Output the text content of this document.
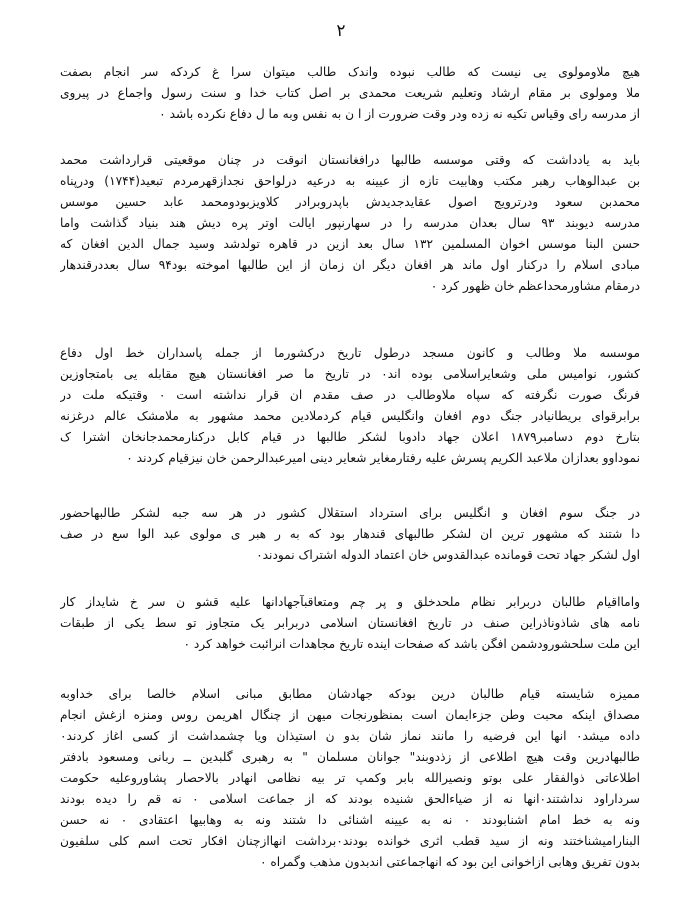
۲
هیچ ملاومولوی یی نیست که طالب نبوده واندک طالب میتوان سرا غ کردکه سر انجام بصفت
ملا ومولوی بر مقام ارشاد وتعلیم شریعت محمدی بر اصل کتاب خدا و سنت رسول واجماع در پیروی
از مدرسه رای وقیاس تکیه نه زده ودر وقت ضرورت از ا ن به نفس وبه ما ل دفاع نکرده باشد ۰
باید به یادداشت که وقتی موسسه طالبها درافغانستان انوقت در چنان موقعیتی قرارداشت محمد
بن عبدالوهاب رهبر مکتب وهابیت تازه از عیینه به درعیه درلواحق نجدازقهرمردم تبعید(۱۷۴۴) ودرپناه
محمدبن سعود ودرترویج اصول عقایدجدیدش باپدروبرادر کلاویزبودومحمد عابد حسین موسس
مدرسه دیوبند ۹۳ سال بعدان مدرسه را در سهارنپور ایالت اوتر پره دیش هند بنیاد گذاشت واما
حسن البنا موسس اخوان المسلمین ۱۳۲ سال بعد ازین در قاهره تولدشد وسید جمال الدین افغان که
مبادی اسلام را درکنار اول ماند هر افغان دیگر ان زمان از این طالبها اموخته بود۹۴ سال بعددرقندهار
درمقام مشاورمحداعظم خان ظهور کرد ۰
موسسه ملا وطالب و کانون مسجد درطول تاریخ درکشورما از جمله پاسداران خط اول دفاع
کشور، نوامیس ملی وشعایراسلامی بوده اند۰ در تاریخ ما صر افغانستان هیچ مقابله یی بامتجاوزین
فرنگ صورت نگرفته که سپاه ملاوطالب در صف مقدم ان قرار نداشته است ۰ وقتیکه ملت در
برابرقوای بریطانیادر جنگ دوم افغان وانگلیس قیام کردملادین محمد مشهور به ملامشک عالم درغزنه
بتارخ دوم دسامبر۱۸۷۹ اعلان جهاد دادوبا لشکر طالبها در قیام کابل درکنارمحمدجانخان اشترا ک
نموداوو بعدازان ملاعبد الکریم پسرش علیه رفتارمغایر شعایر دینی امیرعبدالرحمن خان نیزقیام کردند ۰
در جنگ سوم افغان و انگلیس برای استرداد استقلال کشور در هر سه جبه لشکر طالبهاحضور
دا شتند که مشهور ترین ان لشکر طالبهای قندهار بود که به ر هبر ی مولوی عبد الوا سع در صف
اول لشکر جهاد تحت قوماندە عبدالقدوس خان اعتماد الدوله اشتراک نمودند۰
وامااقیام طالبان دربرابر نظام ملحدخلق و پر چم ومتعاقبآجهادانها علیه قشو ن سر خ شایداز کار
نامه های شاذوناذراین صنف در تاریخ افغانستان اسلامی دربرابر یک متجاوز تو سط یکی از طبقات
این ملت سلحشورودشمن افگن باشد که صفحات اینده تاریخ مجاهدات انرائبت خواهد کرد ۰
ممیزه شایسته قیام طالبان درین بودکه جهادشان مطابق مبانی اسلام خالصا برای خداوبه
مصداق اینکه محبت وطن جزءایمان است بمنظورنجات میهن از چنگال اهریمن روس ومنزه ازغش انجام
داده میشد۰ انها این فرضیه را مانند نماز شان بدو ن استیذان ویا چشمداشت از کسی اغاز کردند۰
طالبهادرین وقت هیچ اطلاعی از زذدوبند" جوانان مسلمان " به رهبری گلبدین ــ ربانی ومسعود بادفتر
اطلاعاتی ذوالفقار علی بوتو ونصیرالله بابر وکمپ تر بیه نظامی انهادر بالاحصار پشاوروعلیه حکومت
سرداراود نداشتند۰انها نه از ضیاءالحق شنیده بودند که از جماعت اسلامی ۰ نه قم را دیده بودند
ونه به خط امام اشنابودند ۰ نه به عیینه اشنائی دا شتند ونه به وهابیها اعتقادی ۰ نه حسن
البنارامیشناختند ونه از سید قطب اثری خوانده بودند۰برداشت انهاازچنان افکار تحت اسم کلی سلفیون
بدون تفریق وهابی ازاخوانی این بود که انهاجماعتی اندبدون مذهب وگمراه ۰
